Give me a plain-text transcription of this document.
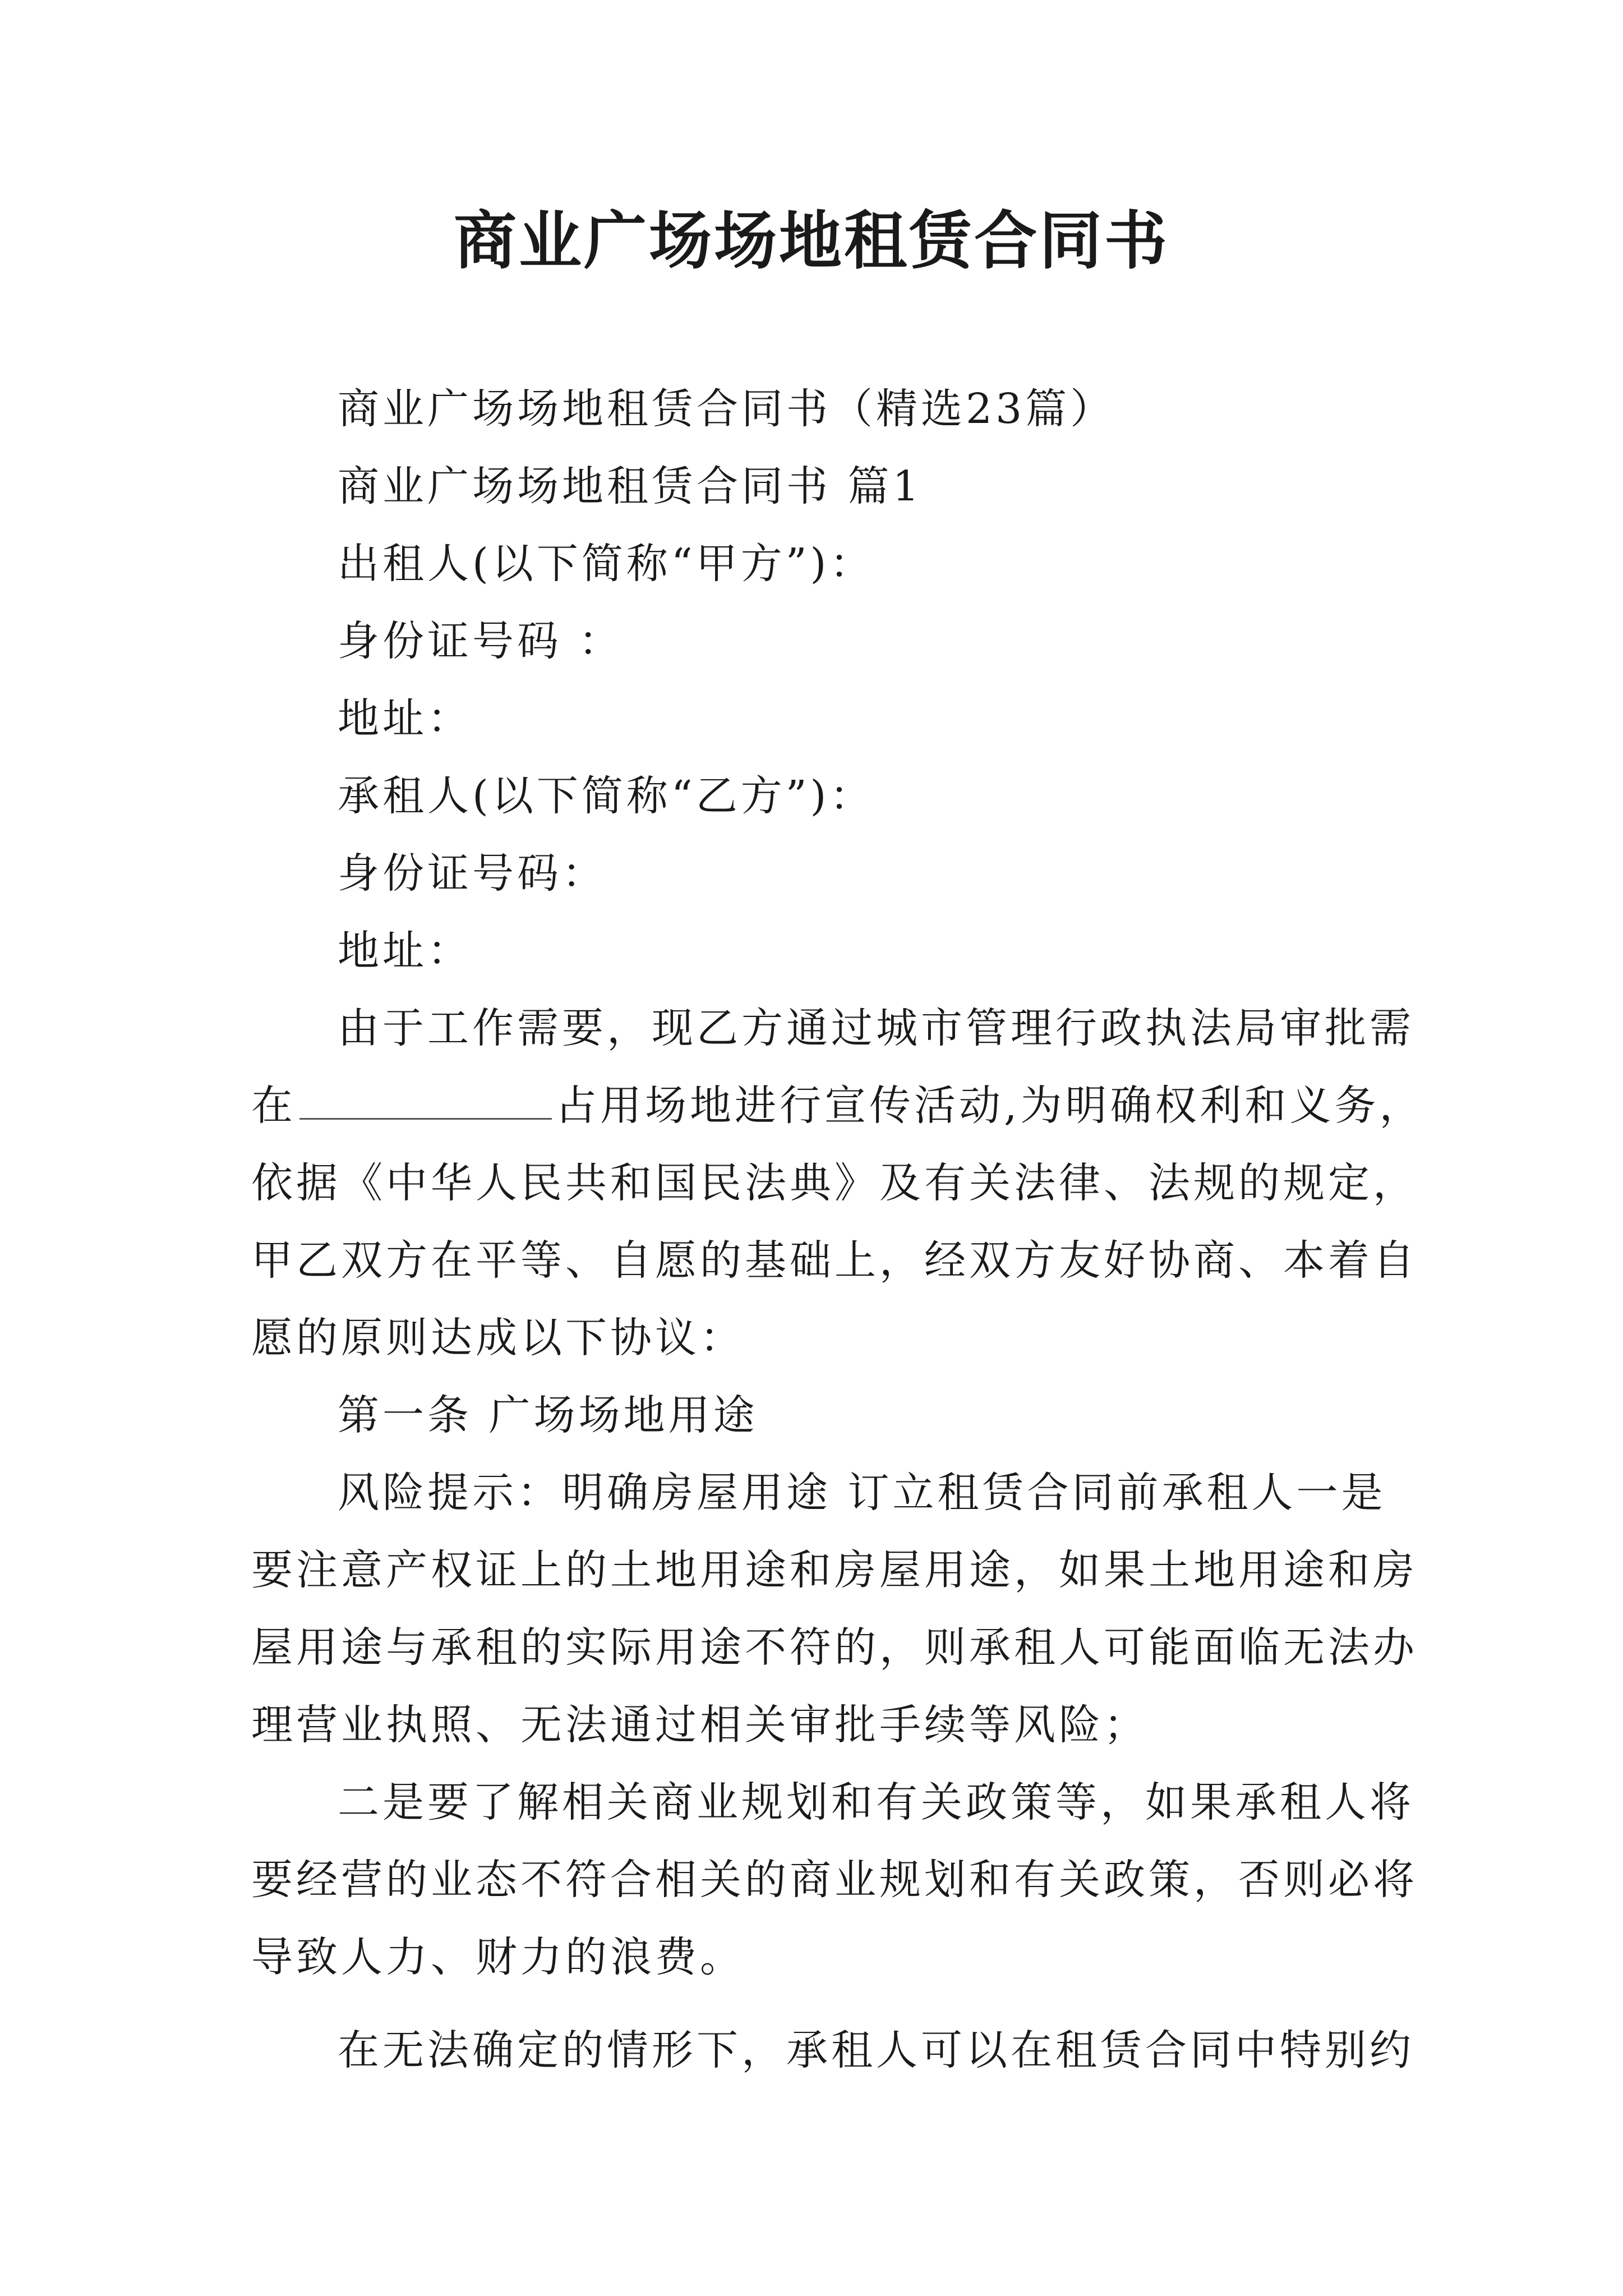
商业广场场地租赁合同书
商业广场场地租赁合同书（精选23篇）
商业广场场地租赁合同书 篇1
出租人(以下简称“甲方”)：
身份证号码 ：
地址：
承租人(以下简称“乙方”)：
身份证号码：
地址：
由于工作需要，现乙方通过城市管理行政执法局审批需
在	占用场地进行宣传活动,为明确权利和义务，
依据《中华人民共和国民法典》及有关法律、法规的规定，
甲乙双方在平等、自愿的基础上，经双方友好协商、本着自
愿的原则达成以下协议：
第一条 广场场地用途
风险提示：明确房屋用途 订立租赁合同前承租人一是
要注意产权证上的土地用途和房屋用途，如果土地用途和房
屋用途与承租的实际用途不符的，则承租人可能面临无法办
理营业执照、无法通过相关审批手续等风险；
二是要了解相关商业规划和有关政策等，如果承租人将
要经营的业态不符合相关的商业规划和有关政策，否则必将
导致人力、财力的浪费。
在无法确定的情形下，承租人可以在租赁合同中特别约
